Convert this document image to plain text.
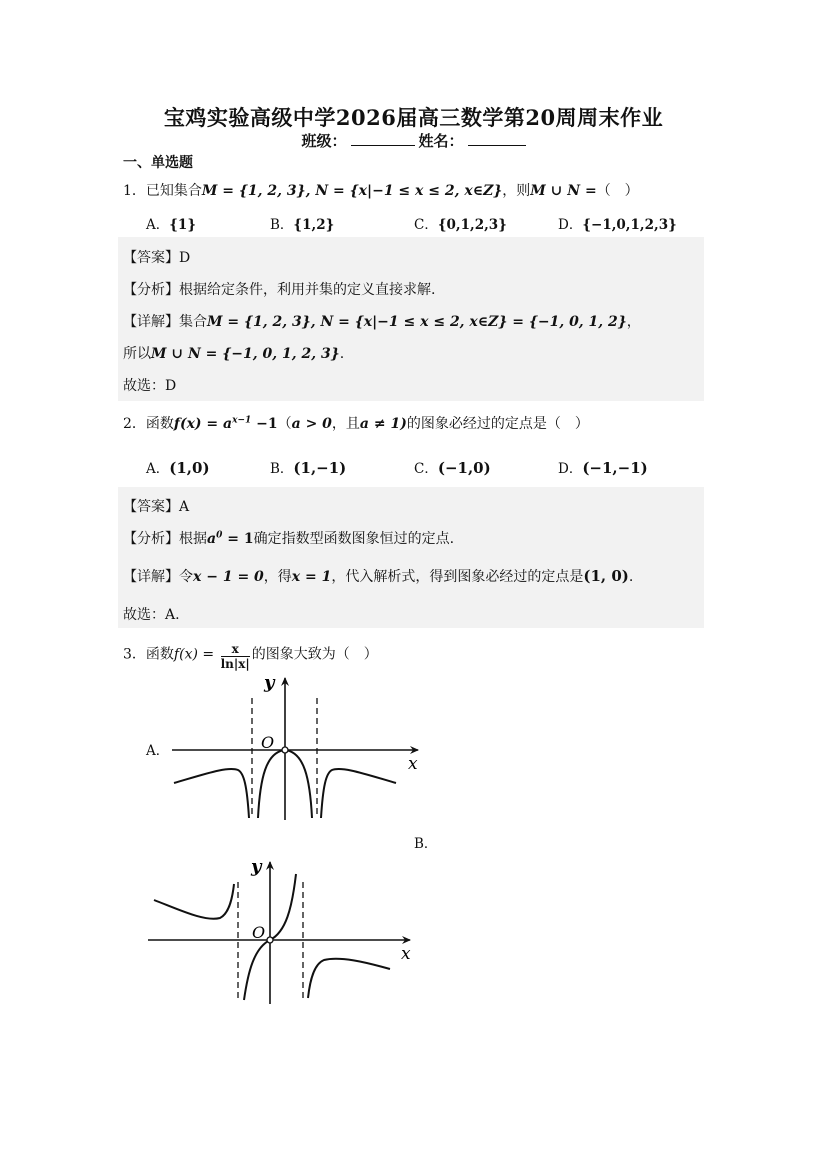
宝鸡实验高级中学2026届高三数学第20周周末作业
班级：	姓名：
一、单选题
1．已知集合M = {1, 2, 3}, N = {x|−1 ≤ x ≤ 2, x∈Z}，则M ∪ N =（　）
A．{1}	B．{1,2}	C．{0,1,2,3}	D．{−1,0,1,2,3}
【答案】D
【分析】根据给定条件，利用并集的定义直接求解.
【详解】集合M = {1, 2, 3}, N = {x|−1 ≤ x ≤ 2, x∈Z} = {−1, 0, 1, 2}，
所以M ∪ N = {−1, 0, 1, 2, 3}.
故选：D
2．函数$f(x) = a^{x-1} -1(a > 0$，且a ≠ 1)的图象必经过的定点是（　）
A．(1,0)	B．(1,−1)	C．(−1,0)	D．(−1,−1)
【答案】A
【分析】根据$a^0 = 1$确定指数型函数图象恒过的定点.
【详解】令x − 1 = 0，得x = 1，代入解析式，得到图象必经过的定点是(1, 0).
故选：A.
3．函数$f(x) = \frac{x}{\ln|x|}$ 的图象大致为（　）
A．
B．
O
y
x
O
y
x
